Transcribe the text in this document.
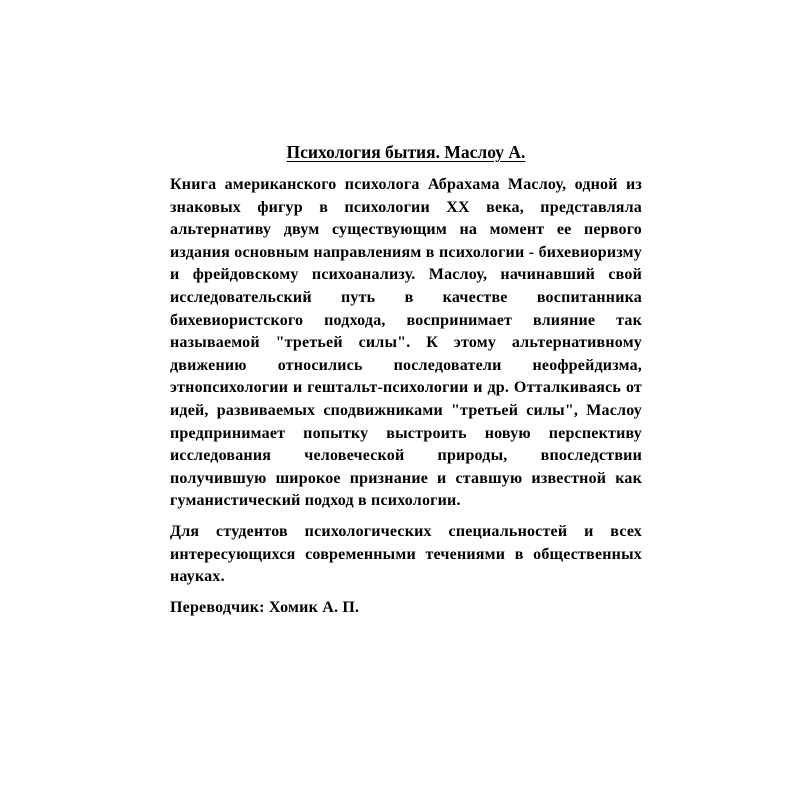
Психология бытия. Маслоу А.

Книга американского психолога Абрахама Маслоу, одной из знаковых фигур в психологии XX века, представляла альтернативу двум существующим на момент ее первого издания основным направлениям в психологии - бихевиоризму и фрейдовскому психоанализу. Маслоу, начинавший свой исследовательский путь в качестве воспитанника бихевиористского подхода, воспринимает влияние так называемой "третьей силы". К этому альтернативному движению относились последователи неофрейдизма, этнопсихологии и гештальт-психологии и др. Отталкиваясь от идей, развиваемых сподвижниками "третьей силы", Маслоу предпринимает попытку выстроить новую перспективу исследования человеческой природы, впоследствии получившую широкое признание и ставшую известной как гуманистический подход в психологии.

Для студентов психологических специальностей и всех интересующихся современными течениями в общественных науках.

Переводчик: Хомик А. П.
